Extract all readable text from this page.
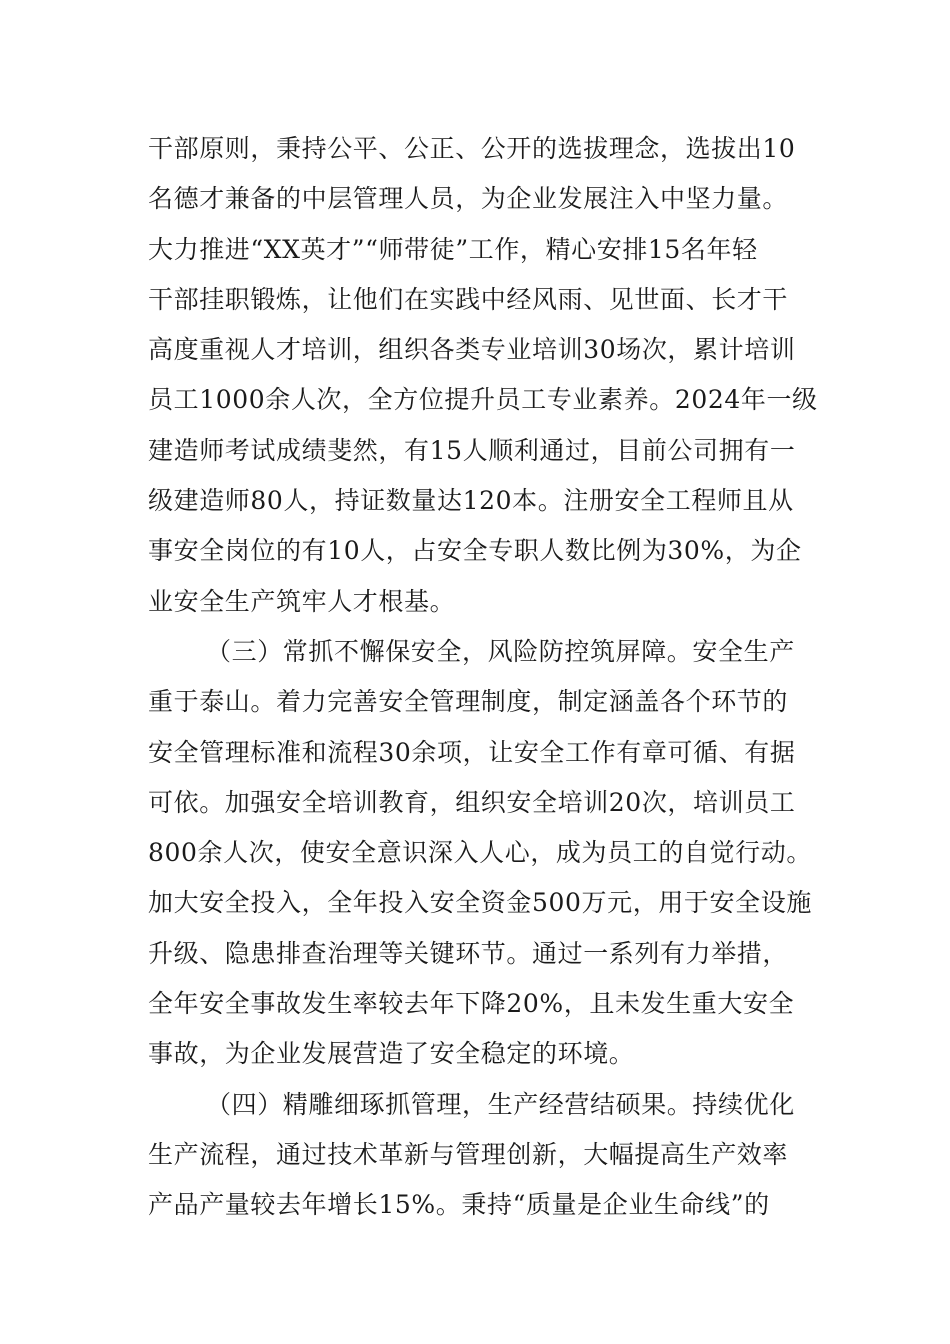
干部原则，秉持公平、公正、公开的选拔理念，选拔出10
名德才兼备的中层管理人员，为企业发展注入中坚力量。
大力推进“XX英才”“师带徒”工作，精心安排15名年轻
干部挂职锻炼，让他们在实践中经风雨、见世面、长才干
高度重视人才培训，组织各类专业培训30场次，累计培训
员工1000余人次，全方位提升员工专业素养。2024年一级
建造师考试成绩斐然，有15人顺利通过，目前公司拥有一
级建造师80人，持证数量达120本。注册安全工程师且从
事安全岗位的有10人，占安全专职人数比例为30%，为企
业安全生产筑牢人才根基。
（三）常抓不懈保安全，风险防控筑屏障。安全生产
重于泰山。着力完善安全管理制度，制定涵盖各个环节的
安全管理标准和流程30余项，让安全工作有章可循、有据
可依。加强安全培训教育，组织安全培训20次，培训员工
800余人次，使安全意识深入人心，成为员工的自觉行动。
加大安全投入，全年投入安全资金500万元，用于安全设施
升级、隐患排查治理等关键环节。通过一系列有力举措，
全年安全事故发生率较去年下降20%，且未发生重大安全
事故，为企业发展营造了安全稳定的环境。
（四）精雕细琢抓管理，生产经营结硕果。持续优化
生产流程，通过技术革新与管理创新，大幅提高生产效率
产品产量较去年增长15%。秉持“质量是企业生命线”的
